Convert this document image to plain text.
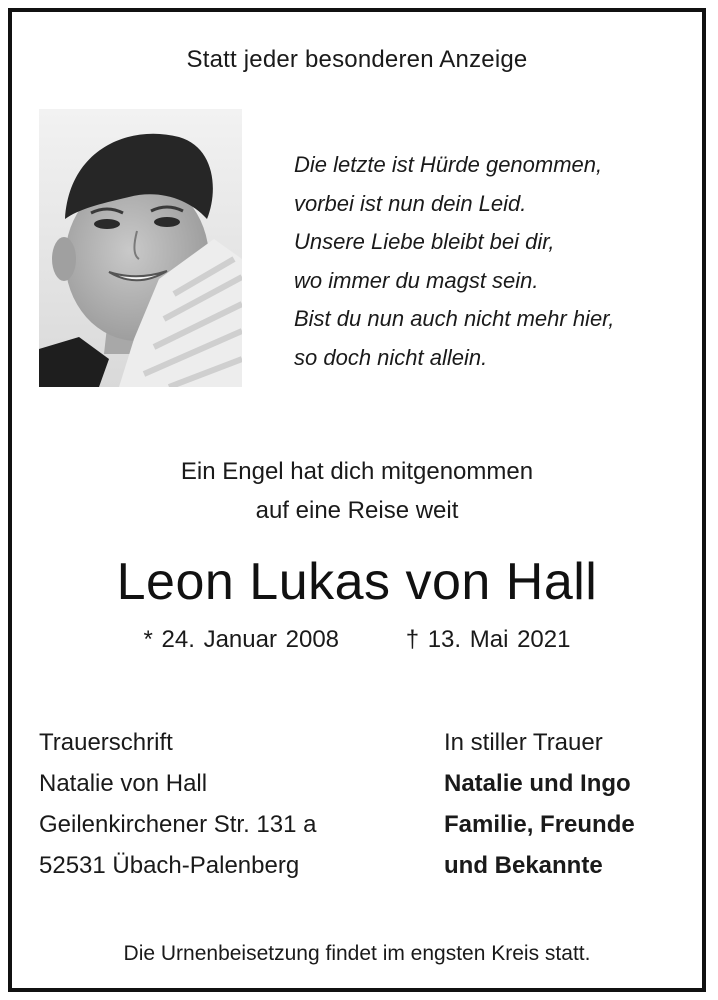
Statt jeder besonderen Anzeige
Die letzte ist Hürde genommen,
vorbei ist nun dein Leid.
Unsere Liebe bleibt bei dir,
wo immer du magst sein.
Bist du nun auch nicht mehr hier,
so doch nicht allein.
Ein Engel hat dich mitgenommen
auf eine Reise weit
Leon Lukas von Hall
* 24. Januar 2008	† 13. Mai 2021
Trauerschrift
Natalie von Hall
Geilenkirchener Str. 131 a
52531 Übach-Palenberg
In stiller Trauer
Natalie und Ingo
Familie, Freunde
und Bekannte
Die Urnenbeisetzung findet im engsten Kreis statt.
